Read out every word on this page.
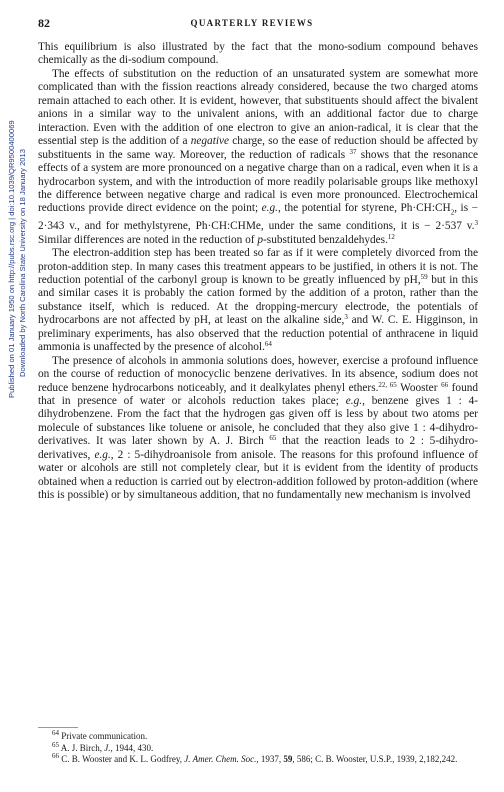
82	QUARTERLY REVIEWS
Published on 01 January 1950 on http://pubs.rsc.org | doi:10.1039/QR9500400069 Downloaded by North Carolina State University on 18 January 2013

This equilibrium is also illustrated by the fact that the mono-sodium compound behaves chemically as the di-sodium compound.

The effects of substitution on the reduction of an unsaturated system are somewhat more complicated than with the fission reactions already considered, because the two charged atoms remain attached to each other. It is evident, however, that substituents should affect the bivalent anions in a similar way to the univalent anions, with an additional factor due to charge interaction. Even with the addition of one electron to give an anion-radical, it is clear that the essential step is the addition of a negative charge, so the ease of reduction should be affected by substituents in the same way. Moreover, the reduction of radicals $^{37}$ shows that the resonance effects of a system are more pronounced on a negative charge than on a radical, even when it is a hydrocarbon system, and with the introduction of more readily polarisable groups like methoxyl the difference between negative charge and radical is even more pronounced. Electrochemical reductions provide direct evidence on the point; e.g., the potential for styrene, $Ph\cdot CH:CH_2$, is − 2·343 v., and for methylstyrene, Ph·CH:CHMe, under the same conditions, it is − 2·537 v.$^3$ Similar differences are noted in the reduction of p-substituted benzaldehydes.$^{12}$

The electron-addition step has been treated so far as if it were completely divorced from the proton-addition step. In many cases this treatment appears to be justified, in others it is not. The reduction potential of the carbonyl group is known to be greatly influenced by pH,$^{59}$ but in this and similar cases it is probably the cation formed by the addition of a proton, rather than the substance itself, which is reduced. At the dropping-mercury electrode, the potentials of hydrocarbons are not affected by pH, at least on the alkaline side,$^3$ and W. C. E. Higginson, in preliminary experiments, has also observed that the reduction potential of anthracene in liquid ammonia is unaffected by the presence of alcohol.$^{64}$

The presence of alcohols in ammonia solutions does, however, exercise a profound influence on the course of reduction of monocyclic benzene derivatives. In its absence, sodium does not reduce benzene hydrocarbons noticeably, and it dealkylates phenyl ethers.$^{22, 65}$ Wooster $^{66}$ found that in presence of water or alcohols reduction takes place; e.g., benzene gives 1 : 4-dihydrobenzene. From the fact that the hydrogen gas given off is less by about two atoms per molecule of substances like toluene or anisole, he concluded that they also give 1 : 4-dihydro-derivatives. It was later shown by A. J. Birch $^{65}$ that the reaction leads to 2 : 5-dihydro-derivatives, e.g., 2 : 5-dihydroanisole from anisole. The reasons for this profound influence of water or alcohols are still not completely clear, but it is evident from the identity of products obtained when a reduction is carried out by electron-addition followed by proton-addition (where this is possible) or by simultaneous addition, that no fundamentally new mechanism is involved

$^{64}$ Private communication.

$^{65}$ A. J. Birch, J., 1944, 430.

$^{66}$ C. B. Wooster and K. L. Godfrey, J. Amer. Chem. Soc., 1937, 59, 586; C. B. Wooster, U.S.P., 1939, 2,182,242.
